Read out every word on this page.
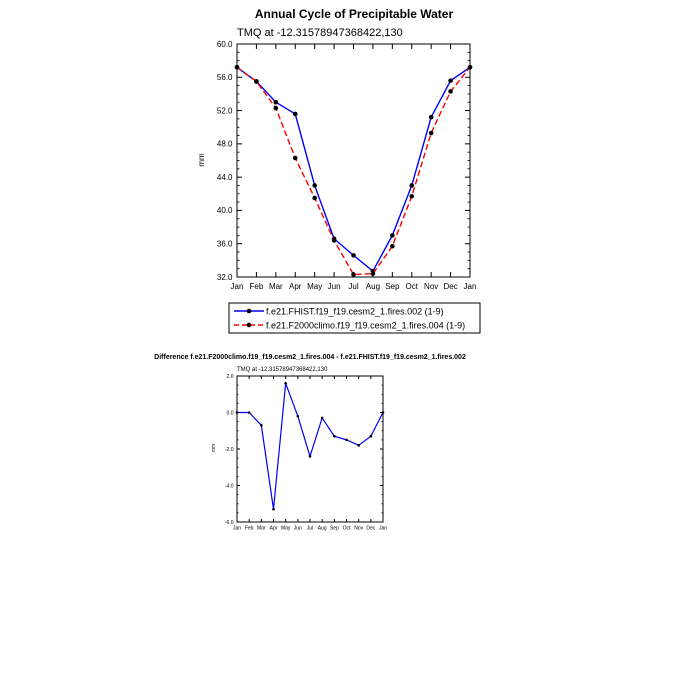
Annual Cycle of Precipitable Water
TMQ at -12.31578947368422,130
mm
32.0
36.0
40.0
44.0
48.0
52.0
56.0
60.0
Jan Feb Mar Apr May Jun Jul Aug Sep Oct Nov Dec Jan
f.e21.FHIST.f19_f19.cesm2_1.fires.002 (1-9)
f.e21.F2000climo.f19_f19.cesm2_1.fires.004 (1-9)
Difference f.e21.F2000climo.f19_f19.cesm2_1.fires.004 - f.e21.FHIST.f19_f19.cesm2_1.fires.002
TMQ at -12.31578947368422,130
mm
-6.0
-4.0
-2.0
0.0
2.0
Jan Feb Mar Apr May Jun Jul Aug Sep Oct Nov Dec Jan
